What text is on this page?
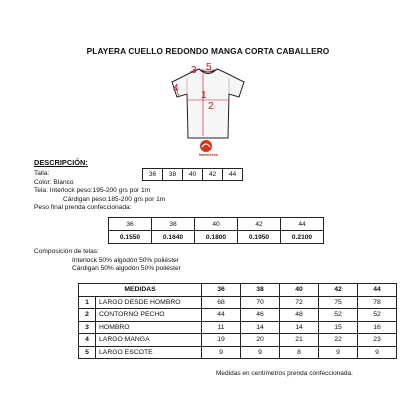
PLAYERA CUELLO REDONDO MANGA CORTA CABALLERO
1
2
3
4
5
fiammecho
DESCRIPCIÓN:
Talla:	36	38	40	42	44
Color: Blanco
Tela: Interlock peso:195-200 grs por 1m
Cárdigan peso:185-200 grs por 1m
Peso final prenda confeccionada:
36	38	40	42	44
0.1550	0.1640	0.1800	0.1950	0.2100
Composición de telas:
Interlock 50% algodón 50% poliéster
Cárdigan 50% algodón 50% poliéster
MEDIDAS		36	38	40	42	44
1	LARGO DESDE HOMBRO	68	70	72	75	78
2	CONTORNO PECHO	44	46	48	52	52
3	HOMBRO	11	14	14	15	16
4	LARGO MANGA	19	20	21	22	23
5	LARGO ESCOTE	9	9	8	9	9
Medidas en centímetros prenda confeccionada.
